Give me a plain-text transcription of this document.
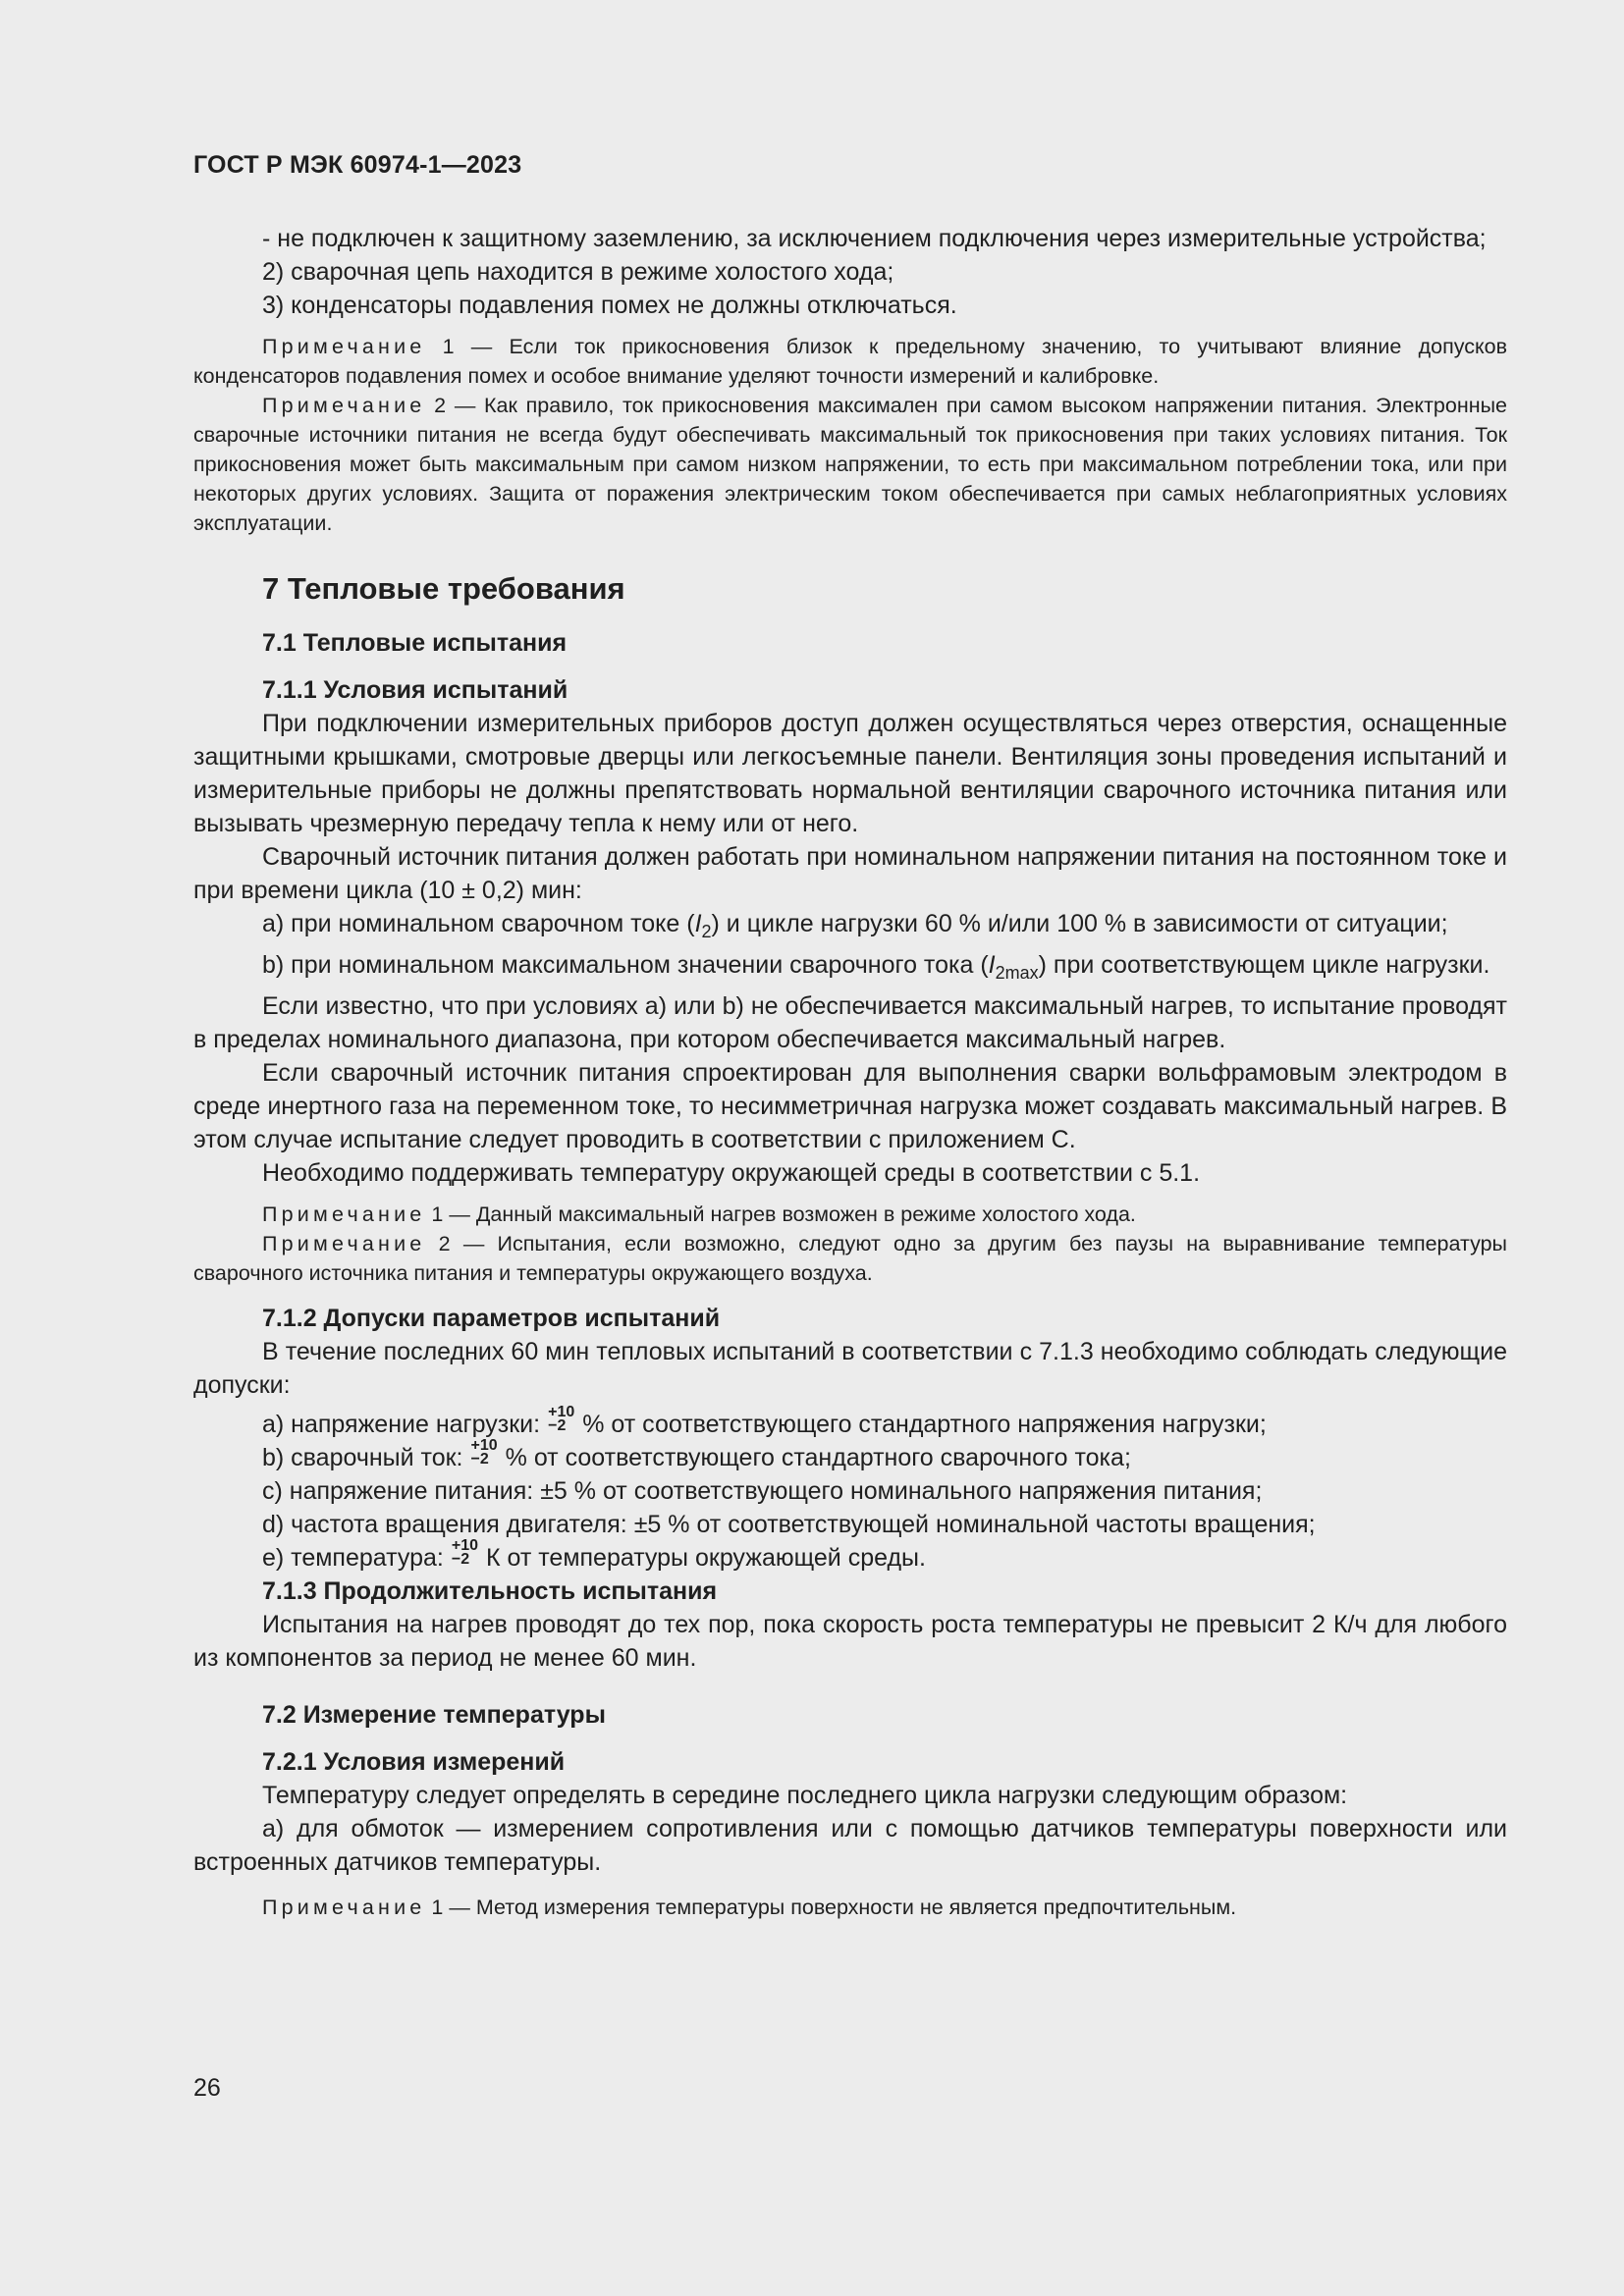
ГОСТ Р МЭК 60974-1—2023

- не подключен к защитному заземлению, за исключением подключения через измерительные устройства;

2) сварочная цепь находится в режиме холостого хода;

3) конденсаторы подавления помех не должны отключаться.

Примечание 1 — Если ток прикосновения близок к предельному значению, то учитывают влияние допусков конденсаторов подавления помех и особое внимание уделяют точности измерений и калибровке.

Примечание 2 — Как правило, ток прикосновения максимален при самом высоком напряжении питания. Электронные сварочные источники питания не всегда будут обеспечивать максимальный ток прикосновения при таких условиях питания. Ток прикосновения может быть максимальным при самом низком напряжении, то есть при максимальном потреблении тока, или при некоторых других условиях. Защита от поражения электрическим током обеспечивается при самых неблагоприятных условиях эксплуатации.

7 Тепловые требования

7.1 Тепловые испытания

7.1.1 Условия испытаний

При подключении измерительных приборов доступ должен осуществляться через отверстия, оснащенные защитными крышками, смотровые дверцы или легкосъемные панели. Вентиляция зоны проведения испытаний и измерительные приборы не должны препятствовать нормальной вентиляции сварочного источника питания или вызывать чрезмерную передачу тепла к нему или от него.

Сварочный источник питания должен работать при номинальном напряжении питания на постоянном токе и при времени цикла (10 ± 0,2) мин:

a) при номинальном сварочном токе $(I_2)$ и цикле нагрузки 60 % и/или 100 % в зависимости от ситуации;

b) при номинальном максимальном значении сварочного тока $(I_{2max})$ при соответствующем цикле нагрузки.

Если известно, что при условиях a) или b) не обеспечивается максимальный нагрев, то испытание проводят в пределах номинального диапазона, при котором обеспечивается максимальный нагрев.

Если сварочный источник питания спроектирован для выполнения сварки вольфрамовым электродом в среде инертного газа на переменном токе, то несимметричная нагрузка может создавать максимальный нагрев. В этом случае испытание следует проводить в соответствии с приложением С.

Необходимо поддерживать температуру окружающей среды в соответствии с 5.1.

Примечание 1 — Данный максимальный нагрев возможен в режиме холостого хода.

Примечание 2 — Испытания, если возможно, следуют одно за другим без паузы на выравнивание температуры сварочного источника питания и температуры окружающего воздуха.

7.1.2 Допуски параметров испытаний

В течение последних 60 мин тепловых испытаний в соответствии с 7.1.3 необходимо соблюдать следующие допуски:

a) напряжение нагрузки: +10
−2 % от соответствующего стандартного напряжения нагрузки;

b) сварочный ток: +10
−2 % от соответствующего стандартного сварочного тока;

c) напряжение питания: ±5 % от соответствующего номинального напряжения питания;

d) частота вращения двигателя: ±5 % от соответствующей номинальной частоты вращения;

e) температура: +10
−2 К от температуры окружающей среды.

7.1.3 Продолжительность испытания

Испытания на нагрев проводят до тех пор, пока скорость роста температуры не превысит 2 К/ч для любого из компонентов за период не менее 60 мин.

7.2 Измерение температуры

7.2.1 Условия измерений

Температуру следует определять в середине последнего цикла нагрузки следующим образом:

a) для обмоток — измерением сопротивления или с помощью датчиков температуры поверхности или встроенных датчиков температуры.

Примечание 1 — Метод измерения температуры поверхности не является предпочтительным.

26
